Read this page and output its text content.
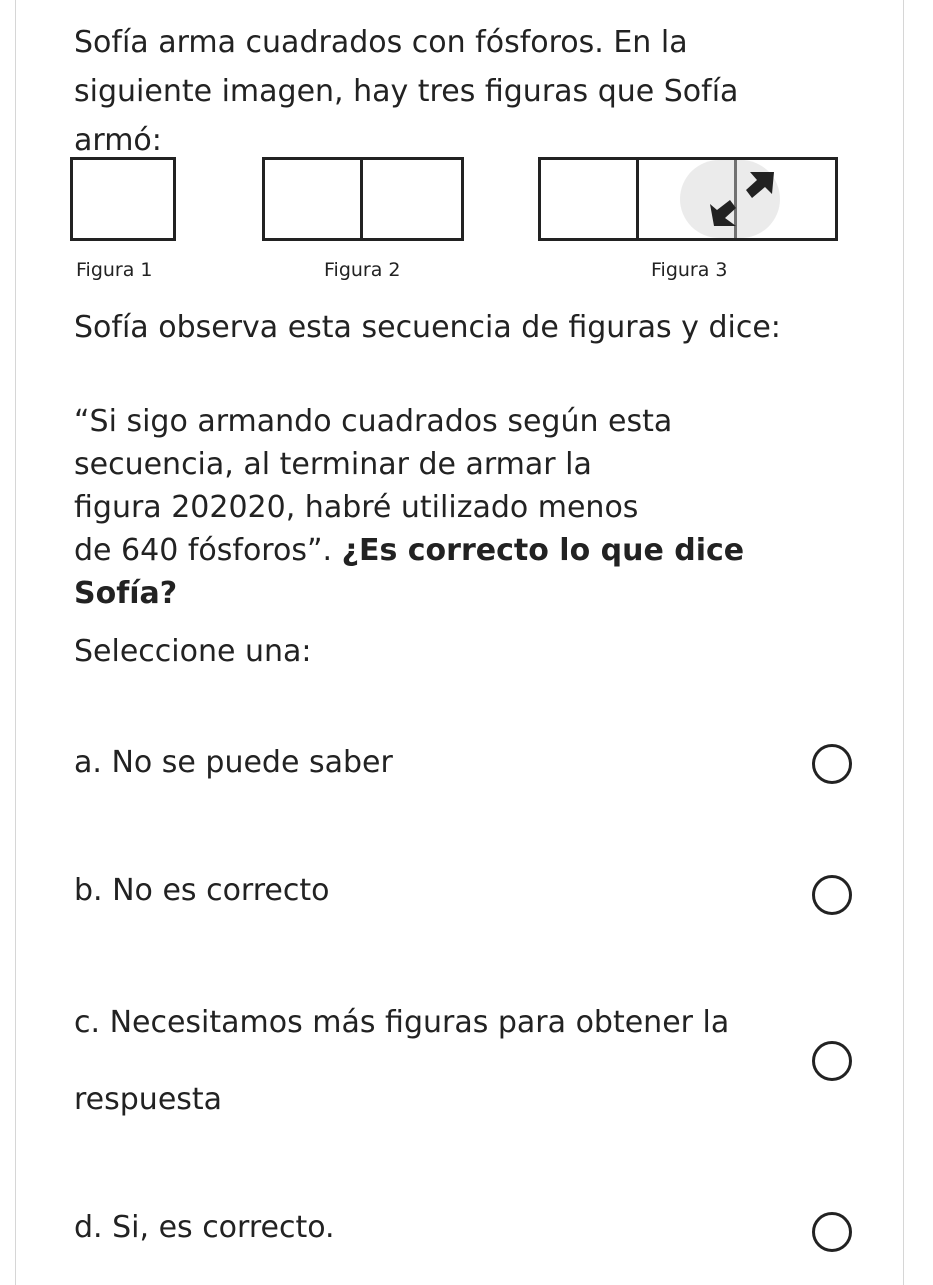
Sofía arma cuadrados con fósforos. En la
siguiente imagen, hay tres figuras que Sofía
armó:

Figura 1	Figura 2	Figura 3

Sofía observa esta secuencia de figuras y dice:

“Si sigo armando cuadrados según esta
secuencia, al terminar de armar la
figura 202020, habré utilizado menos
de 640 fósforos”. ¿Es correcto lo que dice
Sofía?

Seleccione una:

a. No se puede saber
b. No es correcto
c. Necesitamos más figuras para obtener la
respuesta
d. Si, es correcto.
